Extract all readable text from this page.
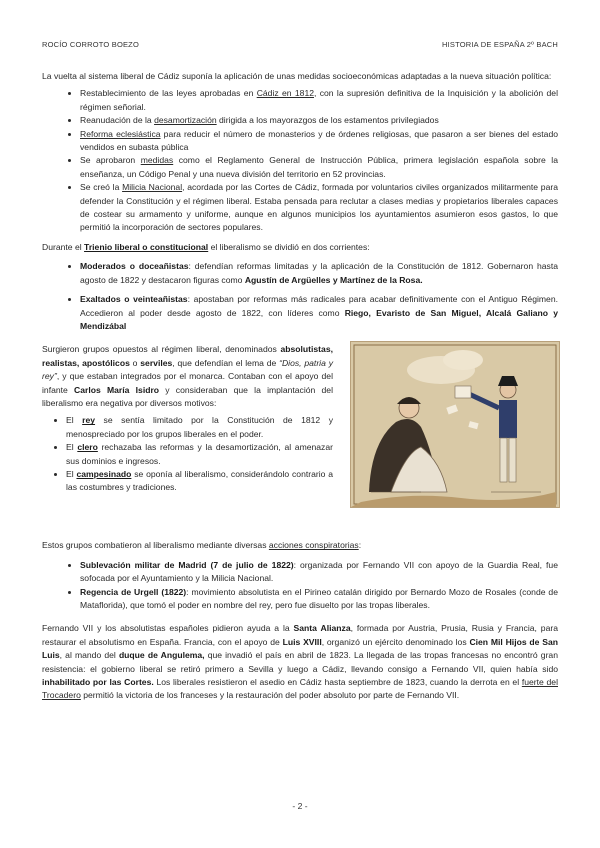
ROCÍO CORROTO BOEZO	HISTORIA DE ESPAÑA 2º BACH

La vuelta al sistema liberal de Cádiz suponía la aplicación de unas medidas socioeconómicas adaptadas a la nueva situación política:

• Restablecimiento de las leyes aprobadas en Cádiz en 1812, con la supresión definitiva de la Inquisición y la abolición del régimen señorial.
• Reanudación de la desamortización dirigida a los mayorazgos de los estamentos privilegiados
• Reforma eclesiástica para reducir el número de monasterios y de órdenes religiosas, que pasaron a ser bienes del estado vendidos en subasta pública
• Se aprobaron medidas como el Reglamento General de Instrucción Pública, primera legislación española sobre la enseñanza, un Código Penal y una nueva división del territorio en 52 provincias.
• Se creó la Milicia Nacional, acordada por las Cortes de Cádiz, formada por voluntarios civiles organizados militarmente para defender la Constitución y el régimen liberal. Estaba pensada para reclutar a clases medias y propietarios liberales capaces de costear su armamento y uniforme, aunque en algunos municipios los ayuntamientos asumieron esos gastos, lo que permitió la incorporación de sectores populares.

Durante el Trienio liberal o constitucional el liberalismo se dividió en dos corrientes:

• Moderados o doceañistas: defendían reformas limitadas y la aplicación de la Constitución de 1812. Gobernaron hasta agosto de 1822 y destacaron figuras como Agustín de Argüelles y Martínez de la Rosa.
• Exaltados o veinteañistas: apostaban por reformas más radicales para acabar definitivamente con el Antiguo Régimen. Accedieron al poder desde agosto de 1822, con líderes como Riego, Evaristo de San Miguel, Alcalá Galiano y Mendizábal

Surgieron grupos opuestos al régimen liberal, denominados absolutistas, realistas, apostólicos o serviles, que defendían el lema de “Dios, patria y rey”, y que estaban integrados por el monarca. Contaban con el apoyo del infante Carlos María Isidro y consideraban que la implantación del liberalismo era negativa por diversos motivos:

• El rey se sentía limitado por la Constitución de 1812 y menospreciado por los grupos liberales en el poder.
• El clero rechazaba las reformas y la desamortización, al amenazar sus dominios e ingresos.
• El campesinado se oponía al liberalismo, considerándolo contrario a las costumbres y tradiciones.

Estos grupos combatieron al liberalismo mediante diversas acciones conspiratorias:

• Sublevación militar de Madrid (7 de julio de 1822): organizada por Fernando VII con apoyo de la Guardia Real, fue sofocada por el Ayuntamiento y la Milicia Nacional.
• Regencia de Urgell (1822): movimiento absolutista en el Pirineo catalán dirigido por Bernardo Mozo de Rosales (conde de Mataflorida), que tomó el poder en nombre del rey, pero fue disuelto por las tropas liberales.

Fernando VII y los absolutistas españoles pidieron ayuda a la Santa Alianza, formada por Austria, Prusia, Rusia y Francia, para restaurar el absolutismo en España. Francia, con el apoyo de Luis XVIII, organizó un ejército denominado los Cien Mil Hijos de San Luis, al mando del duque de Angulema, que invadió el país en abril de 1823. La llegada de las tropas francesas no encontró gran resistencia: el gobierno liberal se retiró primero a Sevilla y luego a Cádiz, llevando consigo a Fernando VII, quien había sido inhabilitado por las Cortes. Los liberales resistieron el asedio en Cádiz hasta septiembre de 1823, cuando la derrota en el fuerte del Trocadero permitió la victoria de los franceses y la restauración del poder absoluto por parte de Fernando VII.

- 2 -
